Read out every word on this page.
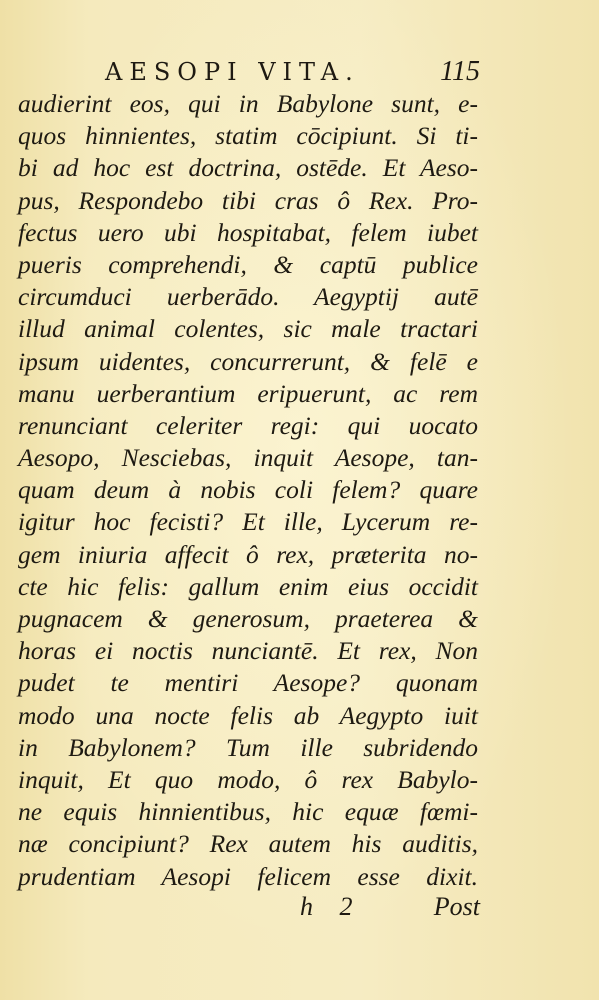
AESOPI VITA.	115
audierint eos, qui in Babylone sunt, e-
quos hinnientes, statim cōcipiunt. Si ti-
bi ad hoc est doctrina, ostēde. Et Aeso-
pus, Respondebo tibi cras ô Rex. Pro-
fectus uero ubi hospitabat, felem iubet
pueris comprehendi, & captū publice
circumduci uerberādo. Aegyptij autē
illud animal colentes, sic male tractari
ipsum uidentes, concurrerunt, & felē e
manu uerberantium eripuerunt, ac rem
renunciant celeriter regi: qui uocato
Aesopo, Nesciebas, inquit Aesope, tan-
quam deum à nobis coli felem? quare
igitur hoc fecisti? Et ille, Lycerum re-
gem iniuria affecit ô rex, præterita no-
cte hic felis: gallum enim eius occidit
pugnacem & generosum, praeterea &
horas ei noctis nunciantē. Et rex, Non
pudet te mentiri Aesope? quonam
modo una nocte felis ab Aegypto iuit
in Babylonem? Tum ille subridendo
inquit, Et quo modo, ô rex Babylo-
ne equis hinnientibus, hic equæ fœmi-
næ concipiunt? Rex autem his auditis,
prudentiam Aesopi felicem esse dixit.
h 2	Post
